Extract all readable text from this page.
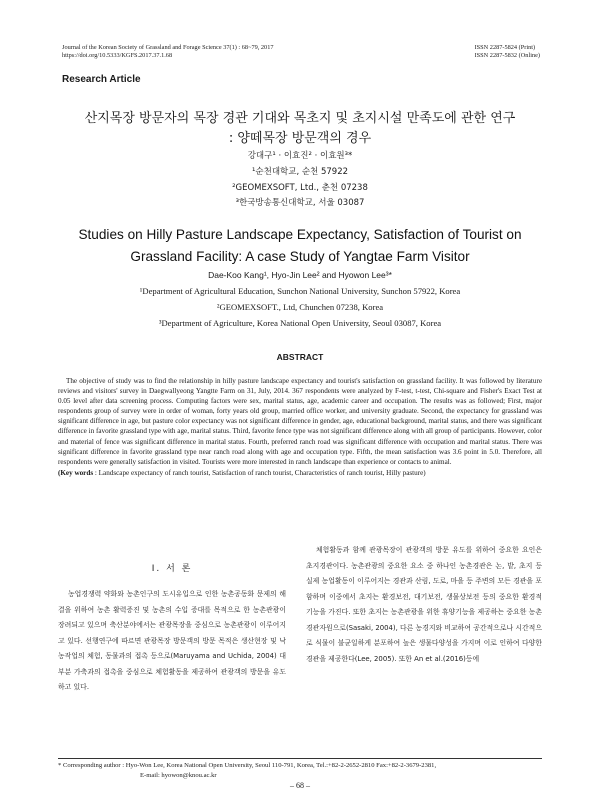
Journal of the Korean Society of Grassland and Forage Science 37(1) : 68~79, 2017
https://doi.org/10.5333/KGFS.2017.37.1.68
ISSN 2287-5824 (Print)
ISSN 2287-5832 (Online)
Research Article
산지목장 방문자의 목장 경관 기대와 목초지 및 초지시설 만족도에 관한 연구
: 양떼목장 방문객의 경우
강대구¹ · 이효진² · 이효원³*
¹순천대학교, 순천 57922
²GEOMEXSOFT, Ltd., 춘천 07238
³한국방송통신대학교, 서울 03087
Studies on Hilly Pasture Landscape Expectancy, Satisfaction of Tourist on
Grassland Facility: A case Study of Yangtae Farm Visitor
Dae-Koo Kang¹, Hyo-Jin Lee² and Hyowon Lee³*
¹Department of Agricultural Education, Sunchon National University, Sunchon 57922, Korea
²GEOMEXSOFT., Ltd, Chunchen 07238, Korea
³Department of Agriculture, Korea National Open University, Seoul 03087, Korea
ABSTRACT

The objective of study was to find the relationship in hilly pasture landscape expectancy and tourist's satisfaction on grassland facility. It was followed by literature reviews and visitors' survey in Daegwallyeong Yangtte Farm on 31, July, 2014. 367 respondents were analyzed by F-test, t-test, Chi-square and Fisher's Exact Test at 0.05 level after data screening process. Computing factors were sex, marital status, age, academic career and occupation. The results was as followed; First, major respondents group of survey were in order of woman, forty years old group, married office worker, and university graduate. Second, the expectancy for grassland was significant difference in age, but pasture color expectancy was not significant difference in gender, age, educational background, marital status, and there was significant difference in favorite grassland type with age, marital status. Third, favorite fence type was not significant difference along with all group of participants. However, color and material of fence was significant difference in marital status. Fourth, preferred ranch road was significant difference with occupation and marital status. There was significant difference in favorite grassland type near ranch road along with age and occupation type. Fifth, the mean satisfaction was 3.6 point in 5.0. Therefore, all respondents were generally satisfaction in visited. Tourists were more interested in ranch landscape than experience or contacts to animal.

(Key words : Landscape expectancy of ranch tourist, Satisfaction of ranch tourist, Characteristics of ranch tourist, Hilly pasture)
Ⅰ. 서 론

농업경쟁력 약화와 농촌인구의 도시유입으로 인한 농촌공동화 문제의 해결을 위하여 농촌 활력증진 및 농촌의 수입 증대를 목적으로 한 농촌관광이 장려되고 있으며 축산분야에서는 관광목장을 중심으로 농촌관광이 이루어지고 있다. 선행연구에 따르면 관광목장 방문객의 방문 목적은 생산현장 및 낙농작업의 체험, 동물과의 접촉 등으로(Maruyama and Uchida, 2004) 대부분 가축과의 접촉을 중심으로 체험활동을 제공하여 관광객의 방문을 유도하고 있다.

체험활동과 함께 관광목장이 관광객의 방문 유도를 위하여 중요한 요인은 초지경관이다. 농촌관광의 중요한 요소 중 하나인 농촌경관은 논, 밭, 초지 등 실제 농업활동이 이루어지는 경관과 산림, 도로, 마을 등 주변의 모든 경관을 포함하며 이중에서 초지는 환경보전, 대기보전, 생물상보전 등의 중요한 환경적 기능을 가진다. 또한 초지는 농촌관광을 위한 휴양기능을 제공하는 중요한 농촌경관자원으로(Sasaki, 2004), 다른 농경지와 비교하여 공간적으로나 시간적으로 식물이 불균일하게 분포하여 높은 생물다양성을 가지며 이로 인하여 다양한 경관을 제공한다(Lee, 2005). 또한 An et al.(2016)등에

* Corresponding author : Hyo-Won Lee, Korea National Open University, Seoul 110-791, Korea, Tel.:+82-2-2652-2810 Fax:+82-2-3679-2381,
E-mail: hyowon@knou.ac.kr
– 68 –
